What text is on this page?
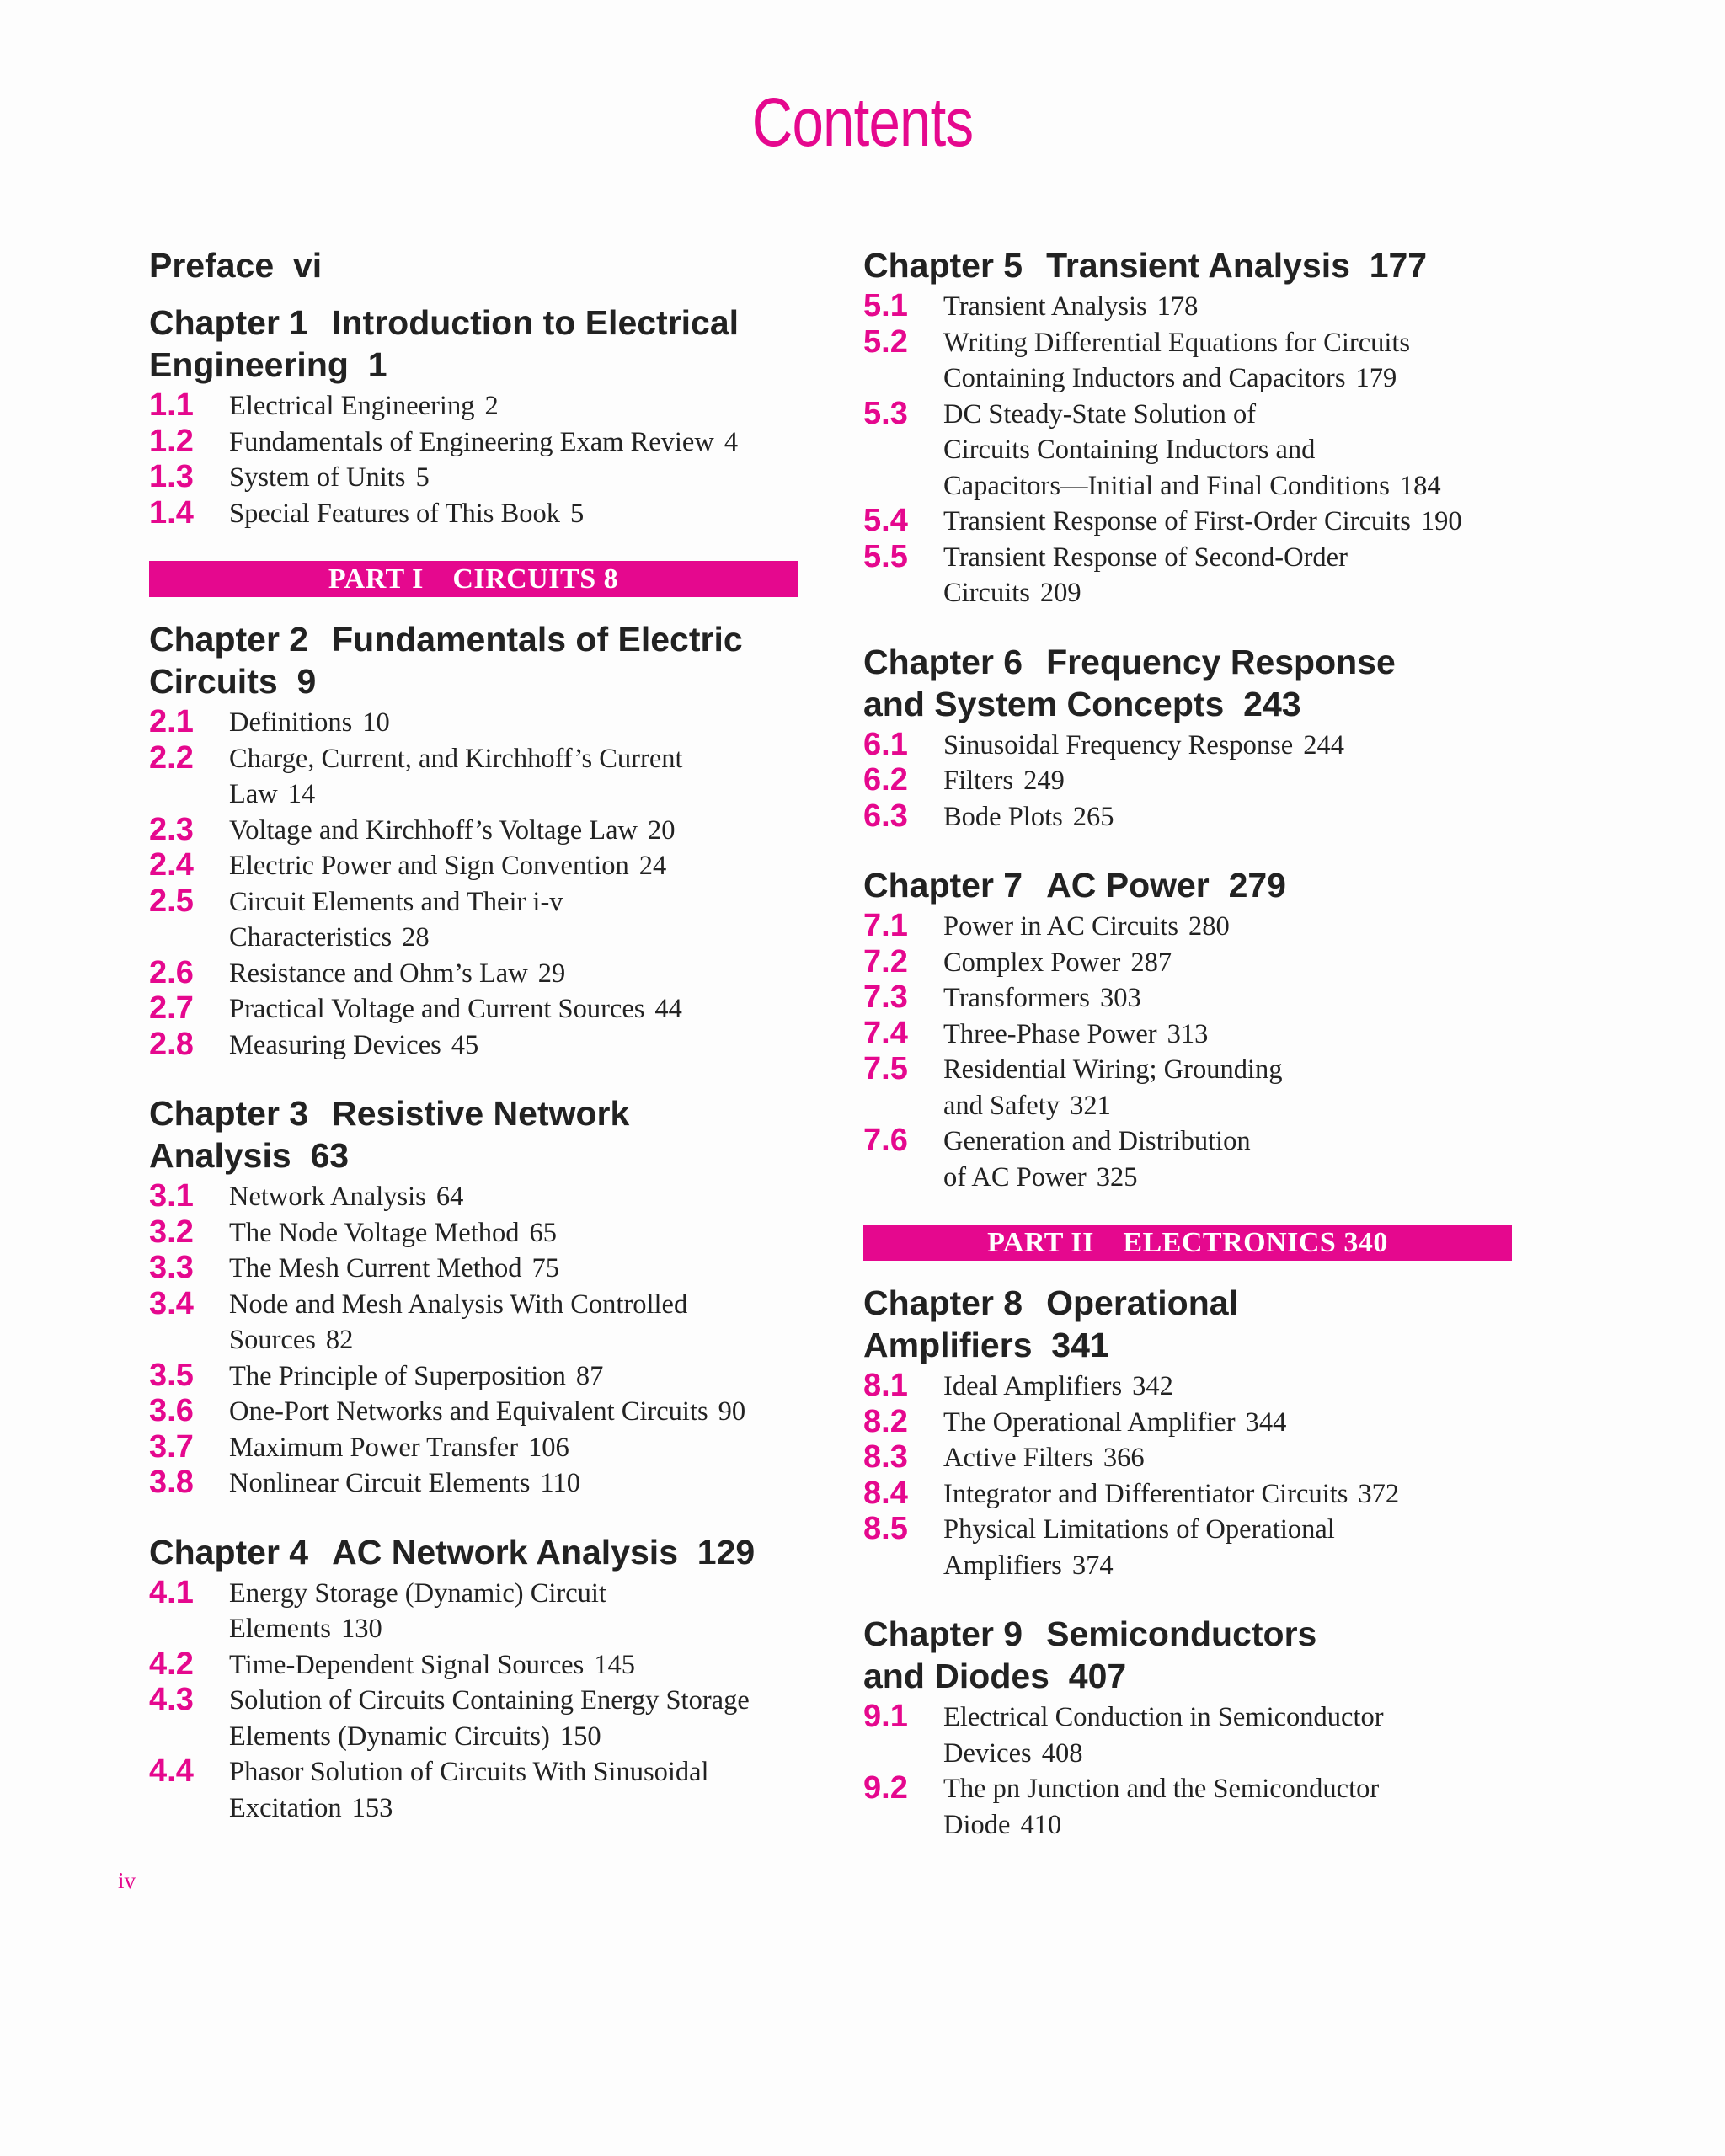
Contents
Preface vi
Chapter 1 Introduction to Electrical
Engineering 1
1.1	Electrical Engineering 2
1.2	Fundamentals of Engineering Exam Review 4
1.3	System of Units 5
1.4	Special Features of This Book 5
PART I CIRCUITS 8
Chapter 2 Fundamentals of Electric
Circuits 9
2.1	Definitions 10
2.2	Charge, Current, and Kirchhoff’s Current
Law 14
2.3	Voltage and Kirchhoff’s Voltage Law 20
2.4	Electric Power and Sign Convention 24
2.5	Circuit Elements and Their i-v
Characteristics 28
2.6	Resistance and Ohm’s Law 29
2.7	Practical Voltage and Current Sources 44
2.8	Measuring Devices 45
Chapter 3 Resistive Network
Analysis 63
3.1	Network Analysis 64
3.2	The Node Voltage Method 65
3.3	The Mesh Current Method 75
3.4	Node and Mesh Analysis With Controlled
Sources 82
3.5	The Principle of Superposition 87
3.6	One-Port Networks and Equivalent Circuits 90
3.7	Maximum Power Transfer 106
3.8	Nonlinear Circuit Elements 110
Chapter 4 AC Network Analysis 129
4.1	Energy Storage (Dynamic) Circuit
Elements 130
4.2	Time-Dependent Signal Sources 145
4.3	Solution of Circuits Containing Energy Storage
Elements (Dynamic Circuits) 150
4.4	Phasor Solution of Circuits With Sinusoidal
Excitation 153
Chapter 5 Transient Analysis 177
5.1	Transient Analysis 178
5.2	Writing Differential Equations for Circuits
Containing Inductors and Capacitors 179
5.3	DC Steady-State Solution of
Circuits Containing Inductors and
Capacitors—Initial and Final Conditions 184
5.4	Transient Response of First-Order Circuits 190
5.5	Transient Response of Second-Order
Circuits 209
Chapter 6 Frequency Response
and System Concepts 243
6.1	Sinusoidal Frequency Response 244
6.2	Filters 249
6.3	Bode Plots 265
Chapter 7 AC Power 279
7.1	Power in AC Circuits 280
7.2	Complex Power 287
7.3	Transformers 303
7.4	Three-Phase Power 313
7.5	Residential Wiring; Grounding
and Safety 321
7.6	Generation and Distribution
of AC Power 325
PART II ELECTRONICS 340
Chapter 8 Operational
Amplifiers 341
8.1	Ideal Amplifiers 342
8.2	The Operational Amplifier 344
8.3	Active Filters 366
8.4	Integrator and Differentiator Circuits 372
8.5	Physical Limitations of Operational
Amplifiers 374
Chapter 9 Semiconductors
and Diodes 407
9.1	Electrical Conduction in Semiconductor
Devices 408
9.2	The pn Junction and the Semiconductor
Diode 410
iv
